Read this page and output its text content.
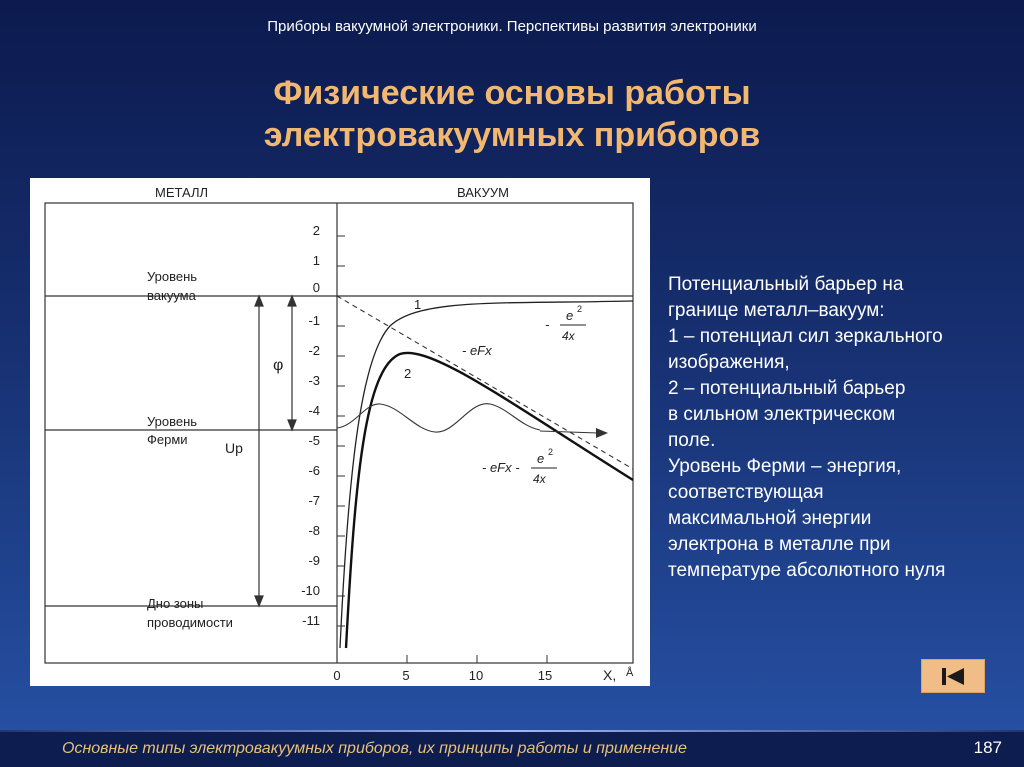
Приборы вакуумной электроники. Перспективы развития электроники
Физические основы работы
электровакуумных приборов
МЕТАЛЛ	ВАКУУМ
2
1
0
-1
-2
-3
-4
-5
-6
-7
-8
-9
-10
-11
0	5	10	15	X, Å
Уровень
вакуума
Уровень
Ферми
Дно зоны
проводимости
Up
φ
1
2
-
e 2
4x
- eFx
- eFx -
e 2
4x
Потенциальный барьер на
границе металл–вакуум:
1 – потенциал сил зеркального
изображения,
2 – потенциальный барьер
в сильном электрическом
поле.
Уровень Ферми – энергия,
соответствующая
максимальной энергии
электрона в металле при
температуре абсолютного нуля
Основные типы электровакуумных приборов, их принципы работы и применение	187
